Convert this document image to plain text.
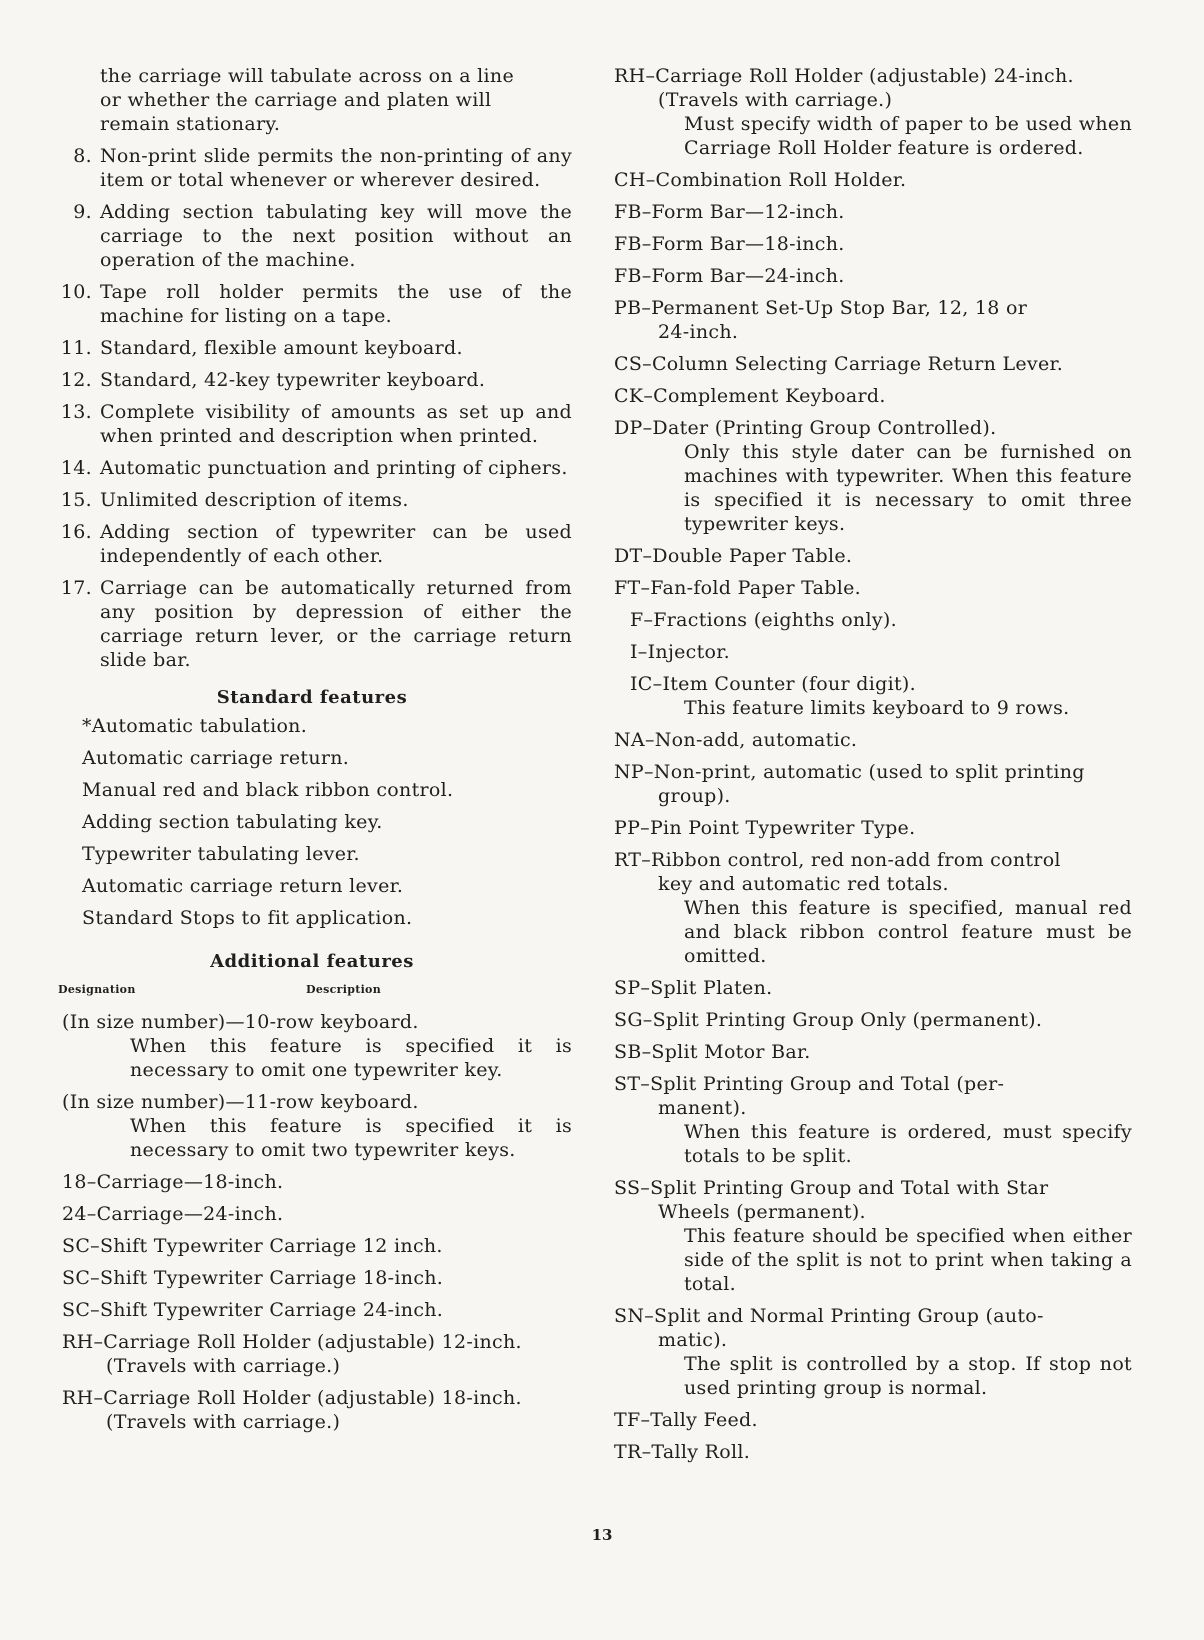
the carriage will tabulate across on a line

or whether the carriage and platen will

remain stationary.

8. Non-print slide permits the non-printing of any item or total whenever or wherever desired.
9. Adding section tabulating key will move the carriage to the next position without an operation of the machine.
10. Tape roll holder permits the use of the machine for listing on a tape.
11. Standard, flexible amount keyboard.
12. Standard, 42-key typewriter keyboard.
13. Complete visibility of amounts as set up and when printed and description when printed.
14. Automatic punctuation and printing of ciphers.
15. Unlimited description of items.
16. Adding section of typewriter can be used independently of each other.
17. Carriage can be automatically returned from any position by depression of either the carriage return lever, or the carriage return slide bar.
Standard features

*Automatic tabulation.

Automatic carriage return.

Manual red and black ribbon control.

Adding section tabulating key.

Typewriter tabulating lever.

Automatic carriage return lever.

Standard Stops to fit application.

Additional features
Designation	Description

(In size number)—10-row keyboard.

When this feature is specified it is necessary to omit one typewriter key.

(In size number)—11-row keyboard.

When this feature is specified it is necessary to omit two typewriter keys.

18–Carriage—18-inch.

24–Carriage—24-inch.

SC–Shift Typewriter Carriage 12 inch.

SC–Shift Typewriter Carriage 18-inch.

SC–Shift Typewriter Carriage 24-inch.

RH–Carriage Roll Holder (adjustable) 12-inch.

(Travels with carriage.)

RH–Carriage Roll Holder (adjustable) 18-inch.

(Travels with carriage.)

RH–Carriage Roll Holder (adjustable) 24-inch.

(Travels with carriage.)

Must specify width of paper to be used when Carriage Roll Holder feature is ordered.

CH–Combination Roll Holder.

FB–Form Bar—12-inch.

FB–Form Bar—18-inch.

FB–Form Bar—24-inch.

PB–Permanent Set-Up Stop Bar, 12, 18 or

24-inch.

CS–Column Selecting Carriage Return Lever.

CK–Complement Keyboard.

DP–Dater (Printing Group Controlled).

Only this style dater can be furnished on machines with typewriter. When this feature is specified it is necessary to omit three typewriter keys.

DT–Double Paper Table.

FT–Fan-fold Paper Table.

F–Fractions (eighths only).

I–Injector.

IC–Item Counter (four digit).

This feature limits keyboard to 9 rows.

NA–Non-add, automatic.

NP–Non-print, automatic (used to split printing

group).

PP–Pin Point Typewriter Type.

RT–Ribbon control, red non-add from control

key and automatic red totals.

When this feature is specified, manual red and black ribbon control feature must be omitted.

SP–Split Platen.

SG–Split Printing Group Only (permanent).

SB–Split Motor Bar.

ST–Split Printing Group and Total (per-

manent).

When this feature is ordered, must specify totals to be split.

SS–Split Printing Group and Total with Star

Wheels (permanent).

This feature should be specified when either side of the split is not to print when taking a total.

SN–Split and Normal Printing Group (auto-

matic).

The split is controlled by a stop. If stop not used printing group is normal.

TF–Tally Feed.

TR–Tally Roll.

13
